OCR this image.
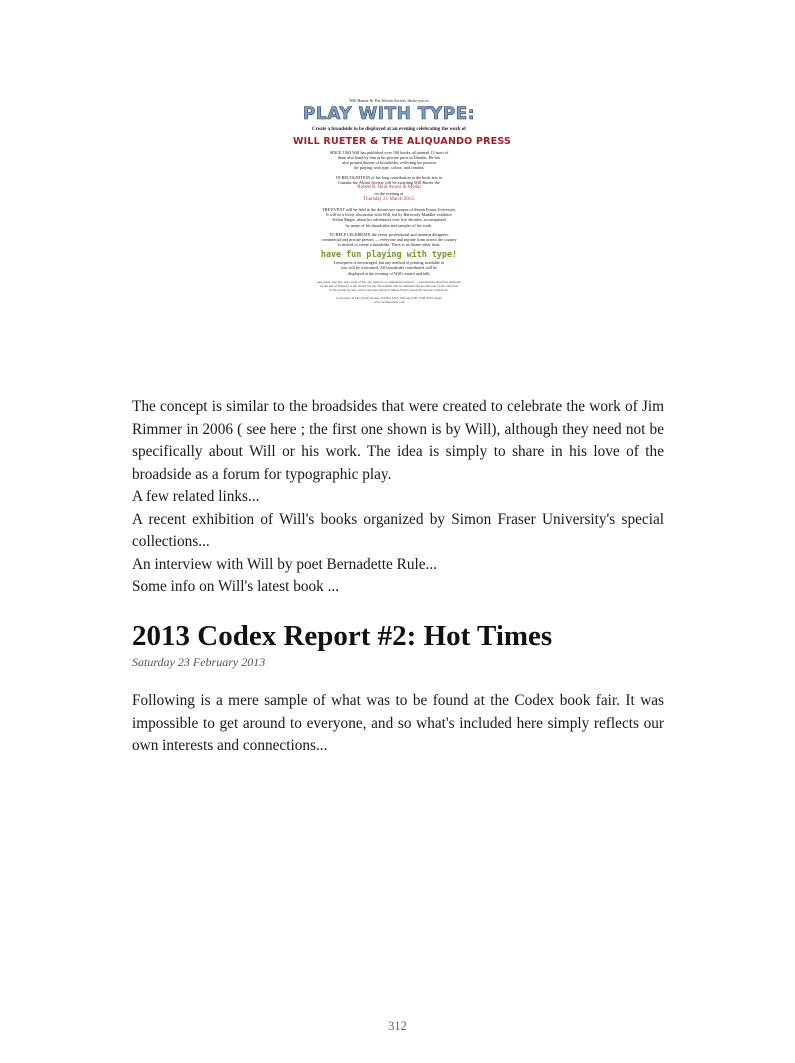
Will Rueter & The Alcuin Society Invite you to
PLAY WITH TYPE:
Create a broadside to be displayed at an evening celebrating the work of
WILL RUETER & THE ALIQUANDO PRESS
SINCE 1963 Will has published over 100 books, all printed 13 most of
them also hand by him at his private press in Dundas. He has
also printed dozens of broadsides, reflecting his passion
for playing with type, colour, and content.
IN RECOGNITION of his long contribution to the book arts in
Canada, the Alcuin Society will be awarding Will Rueter the
Robert R. Reid Award & Medal
on the evening of
Thursday 21 March 2013.
THE EVENT will be held at the downtown campus of Simon Fraser University.
It will be a lively discussion with Will, led by Harrowdy Mandler exhibitor
Stefan Mager, about his adventures over five decades, accompanied
by many of his broadsides and samples of his work.
TO HELP CELEBRATE the event, professional and amateur designers,
commercial and private presses — everyone and anyone from across the country
is invited to create a broadside. There is no theme other than,
have fun playing with type!
Letterpress is encouraged, but any method of printing available to
you will be welcomed. All broadsides contributed will be
displayed at the evening of Will's award and talk.
Any paper, any size, any colour of ink, any typeface or combination thereof — contributions should be delivered
by the end of February to the Alcuin Society. Broadsides will be exhibited and become part of the collection
of the Alcuin Society, with a selection shown at Simon Fraser University Special Collections.
Learn more at The Alcuin Society, PO Box 3216, Vancouver BC V6B 3X8 Canada
www.alcuinsociety.com

The concept is similar to the broadsides that were created to celebrate the work of Jim Rimmer in 2006 ( see here ; the first one shown is by Will), although they need not be specifically about Will or his work. The idea is simply to share in his love of the broadside as a forum for typographic play.

A few related links...

A recent exhibition of Will's books organized by Simon Fraser University's special collections...

An interview with Will by poet Bernadette Rule...

Some info on Will's latest book ...

2013 Codex Report #2: Hot Times
Saturday 23 February 2013

Following is a mere sample of what was to be found at the Codex book fair. It was impossible to get around to everyone, and so what's included here simply reflects our own interests and connections...

312
